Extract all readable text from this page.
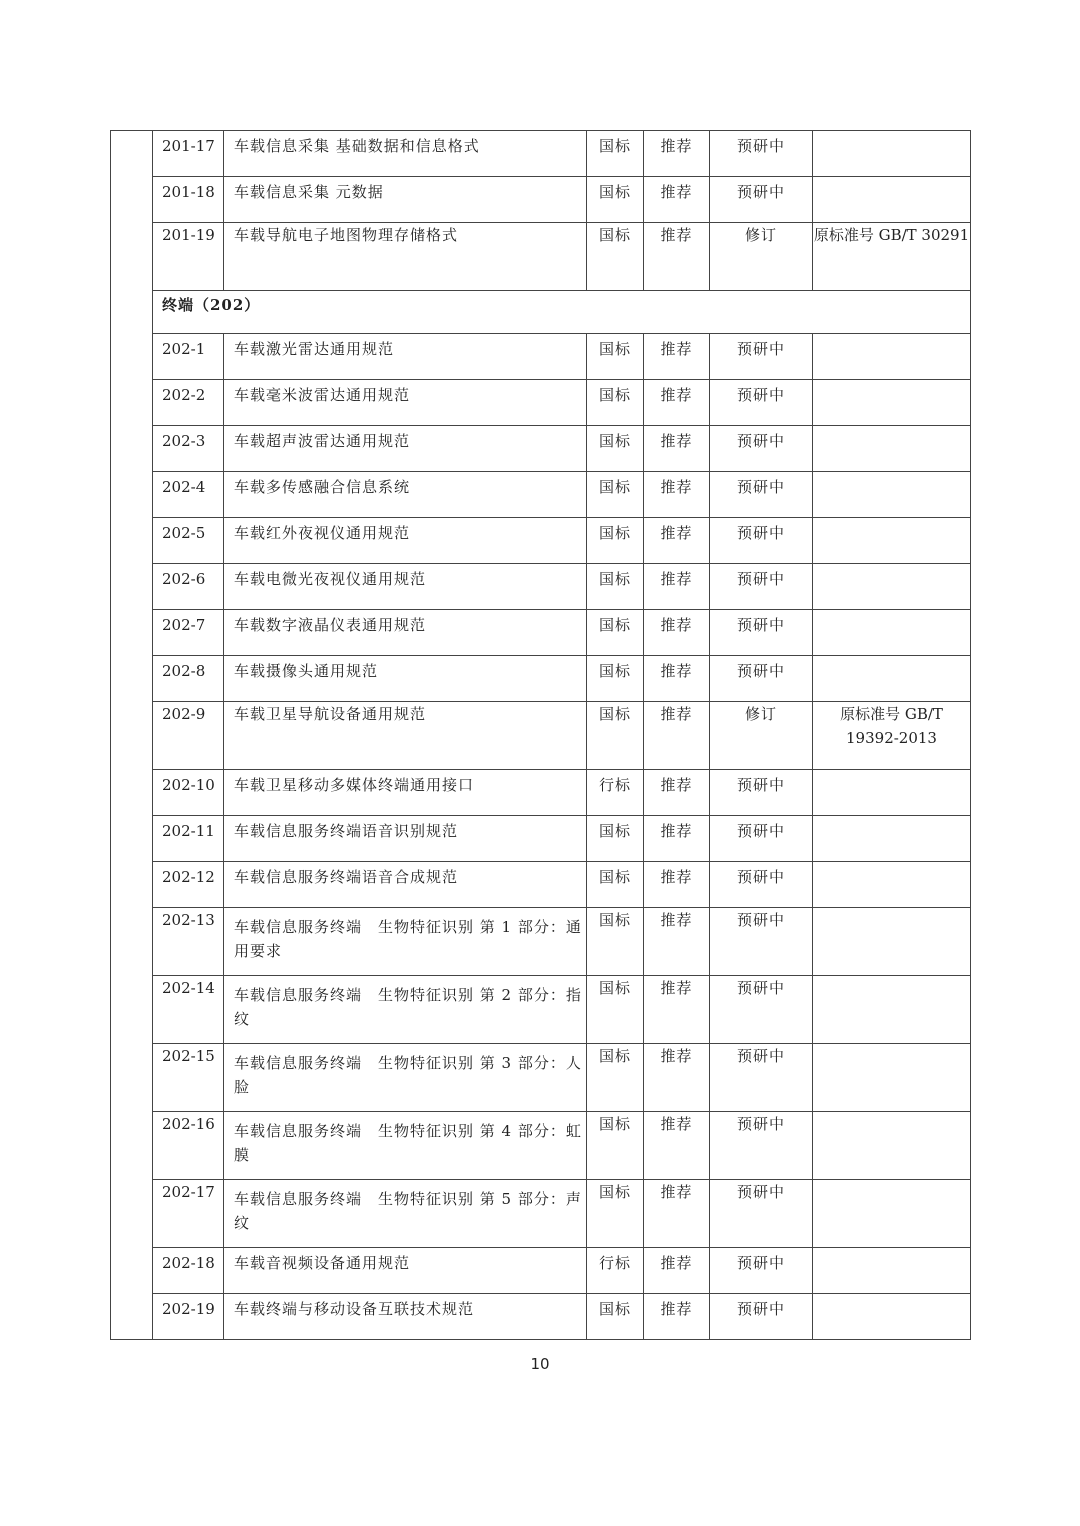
	201-17	车载信息采集 基础数据和信息格式	国标	推荐	预研中	
	201-18	车载信息采集 元数据	国标	推荐	预研中	
	201-19	车载导航电子地图物理存储格式	国标	推荐	修订	原标准号 GB/T 30291
	终端（202）					
	202-1	车载激光雷达通用规范	国标	推荐	预研中	
	202-2	车载毫米波雷达通用规范	国标	推荐	预研中	
	202-3	车载超声波雷达通用规范	国标	推荐	预研中	
	202-4	车载多传感融合信息系统	国标	推荐	预研中	
	202-5	车载红外夜视仪通用规范	国标	推荐	预研中	
	202-6	车载电微光夜视仪通用规范	国标	推荐	预研中	
	202-7	车载数字液晶仪表通用规范	国标	推荐	预研中	
	202-8	车载摄像头通用规范	国标	推荐	预研中	
	202-9	车载卫星导航设备通用规范	国标	推荐	修订	原标准号 GB/T 19392-2013
	202-10	车载卫星移动多媒体终端通用接口	行标	推荐	预研中	
	202-11	车载信息服务终端语音识别规范	国标	推荐	预研中	
	202-12	车载信息服务终端语音合成规范	国标	推荐	预研中	
	202-13	车载信息服务终端　生物特征识别 第 1 部分：通用要求	国标	推荐	预研中	
	202-14	车载信息服务终端　生物特征识别 第 2 部分：指纹	国标	推荐	预研中	
	202-15	车载信息服务终端　生物特征识别 第 3 部分：人脸	国标	推荐	预研中	
	202-16	车载信息服务终端　生物特征识别 第 4 部分：虹膜	国标	推荐	预研中	
	202-17	车载信息服务终端　生物特征识别 第 5 部分：声纹	国标	推荐	预研中	
	202-18	车载音视频设备通用规范	行标	推荐	预研中	
	202-19	车载终端与移动设备互联技术规范	国标	推荐	预研中	
10
